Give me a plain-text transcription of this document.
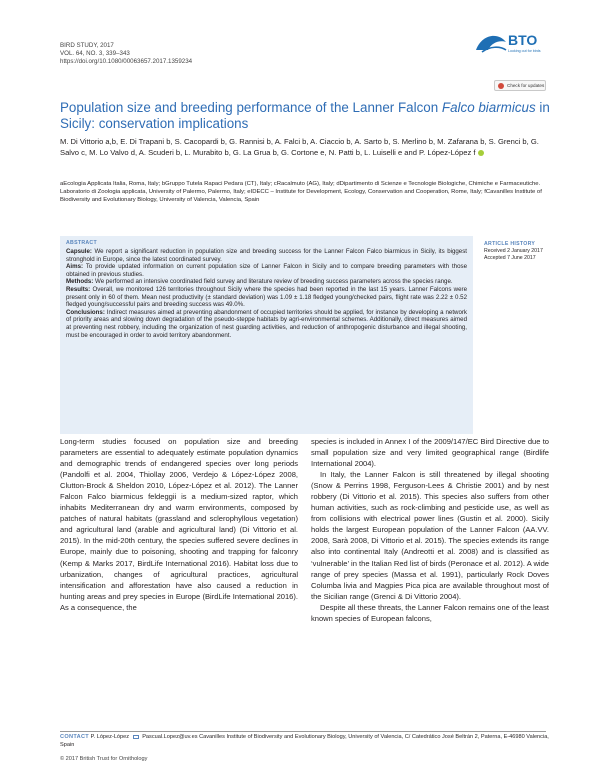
BIRD STUDY, 2017
VOL. 64, NO. 3, 339–343
https://doi.org/10.1080/00063657.2017.1359234
BTO
Looking out for birds
Check for updates
Population size and breeding performance of the Lanner Falcon Falco biarmicus in Sicily: conservation implications
M. Di Vittorio a,b, E. Di Trapani b, S. Cacopardi b, G. Rannisi b, A. Falci b, A. Ciaccio b, A. Sarto b, S. Merlino b, M. Zafarana b, S. Grenci b, G. Salvo c, M. Lo Valvo d, A. Scuderi b, L. Murabito b, G. La Grua b, G. Cortone e, N. Patti b, L. Luiselli e and P. López-López f
aEcologia Applicata Italia, Roma, Italy; bGruppo Tutela Rapaci Pedara (CT), Italy; cRacalmuto (AG), Italy; dDipartimento di Scienze e Tecnologie Biologiche, Chimiche e Farmaceutiche. Laboratorio di Zoologia applicata, University of Palermo, Palermo, Italy; eIDECC – Institute for Development, Ecology, Conservation and Cooperation, Rome, Italy; fCavanilles Institute of Biodiversity and Evolutionary Biology, University of Valencia, Valencia, Spain
ABSTRACT
Capsule: We report a significant reduction in population size and breeding success for the Lanner Falcon Falco biarmicus in Sicily, its biggest stronghold in Europe, since the latest coordinated survey.
Aims: To provide updated information on current population size of Lanner Falcon in Sicily and to compare breeding parameters with those obtained in previous studies.
Methods: We performed an intensive coordinated field survey and literature review of breeding success parameters across the species range.
Results: Overall, we monitored 126 territories throughout Sicily where the species had been reported in the last 15 years. Lanner Falcons were present only in 60 of them. Mean nest productivity (± standard deviation) was 1.09 ± 1.18 fledged young/checked pairs, flight rate was 2.22 ± 0.52 fledged young/successful pairs and breeding success was 49.0%.
Conclusions: Indirect measures aimed at preventing abandonment of occupied territories should be applied, for instance by developing a network of priority areas and slowing down degradation of the pseudo-steppe habitats by agri-environmental schemes. Additionally, direct measures aimed at preventing nest robbery, including the organization of nest guarding activities, and reduction of anthropogenic disturbance and illegal shooting, must be encouraged in order to avoid territory abandonment.
ARTICLE HISTORY
Received 2 January 2017
Accepted 7 June 2017

Long-term studies focused on population size and breeding parameters are essential to adequately estimate population dynamics and demographic trends of endangered species over long periods (Pandolfi et al. 2004, Thiollay 2006, Verdejo & López-López 2008, Clutton-Brock & Sheldon 2010, López-López et al. 2012). The Lanner Falcon Falco biarmicus feldeggii is a medium-sized raptor, which inhabits Mediterranean dry and warm environments, composed by patches of natural habitats (grassland and sclerophyllous vegetation) and agricultural land (arable and agricultural land) (Di Vittorio et al. 2015). In the mid-20th century, the species suffered severe declines in Europe, mainly due to poisoning, shooting and trapping for falconry (Kemp & Marks 2017, BirdLife International 2016). Habitat loss due to urbanization, changes of agricultural practices, agricultural intensification and afforestation have also caused a reduction in hunting areas and prey species in Europe (BirdLife International 2016). As a consequence, the

species is included in Annex I of the 2009/147/EC Bird Directive due to small population size and very limited geographical range (Birdlife International 2004).

In Italy, the Lanner Falcon is still threatened by illegal shooting (Snow & Perrins 1998, Ferguson-Lees & Christie 2001) and by nest robbery (Di Vittorio et al. 2015). This species also suffers from other human activities, such as rock-climbing and pesticide use, as well as from collisions with electrical power lines (Gustin et al. 2000). Sicily holds the largest European population of the Lanner Falcon (AA.VV. 2008, Sarà 2008, Di Vittorio et al. 2015). The species extends its range also into continental Italy (Andreotti et al. 2008) and is classified as ‘vulnerable’ in the Italian Red list of birds (Peronace et al. 2012). A wide range of prey species (Massa et al. 1991), particularly Rock Doves Columba livia and Magpies Pica pica are available throughout most of the Sicilian range (Grenci & Di Vittorio 2004).

Despite all these threats, the Lanner Falcon remains one of the least known species of European falcons,

CONTACT P. López-López Pascual.Lopez@uv.es Cavanilles Institute of Biodiversity and Evolutionary Biology, University of Valencia, C/ Catedrático José Beltrán 2, Paterna, E-46980 Valencia, Spain
© 2017 British Trust for Ornithology
